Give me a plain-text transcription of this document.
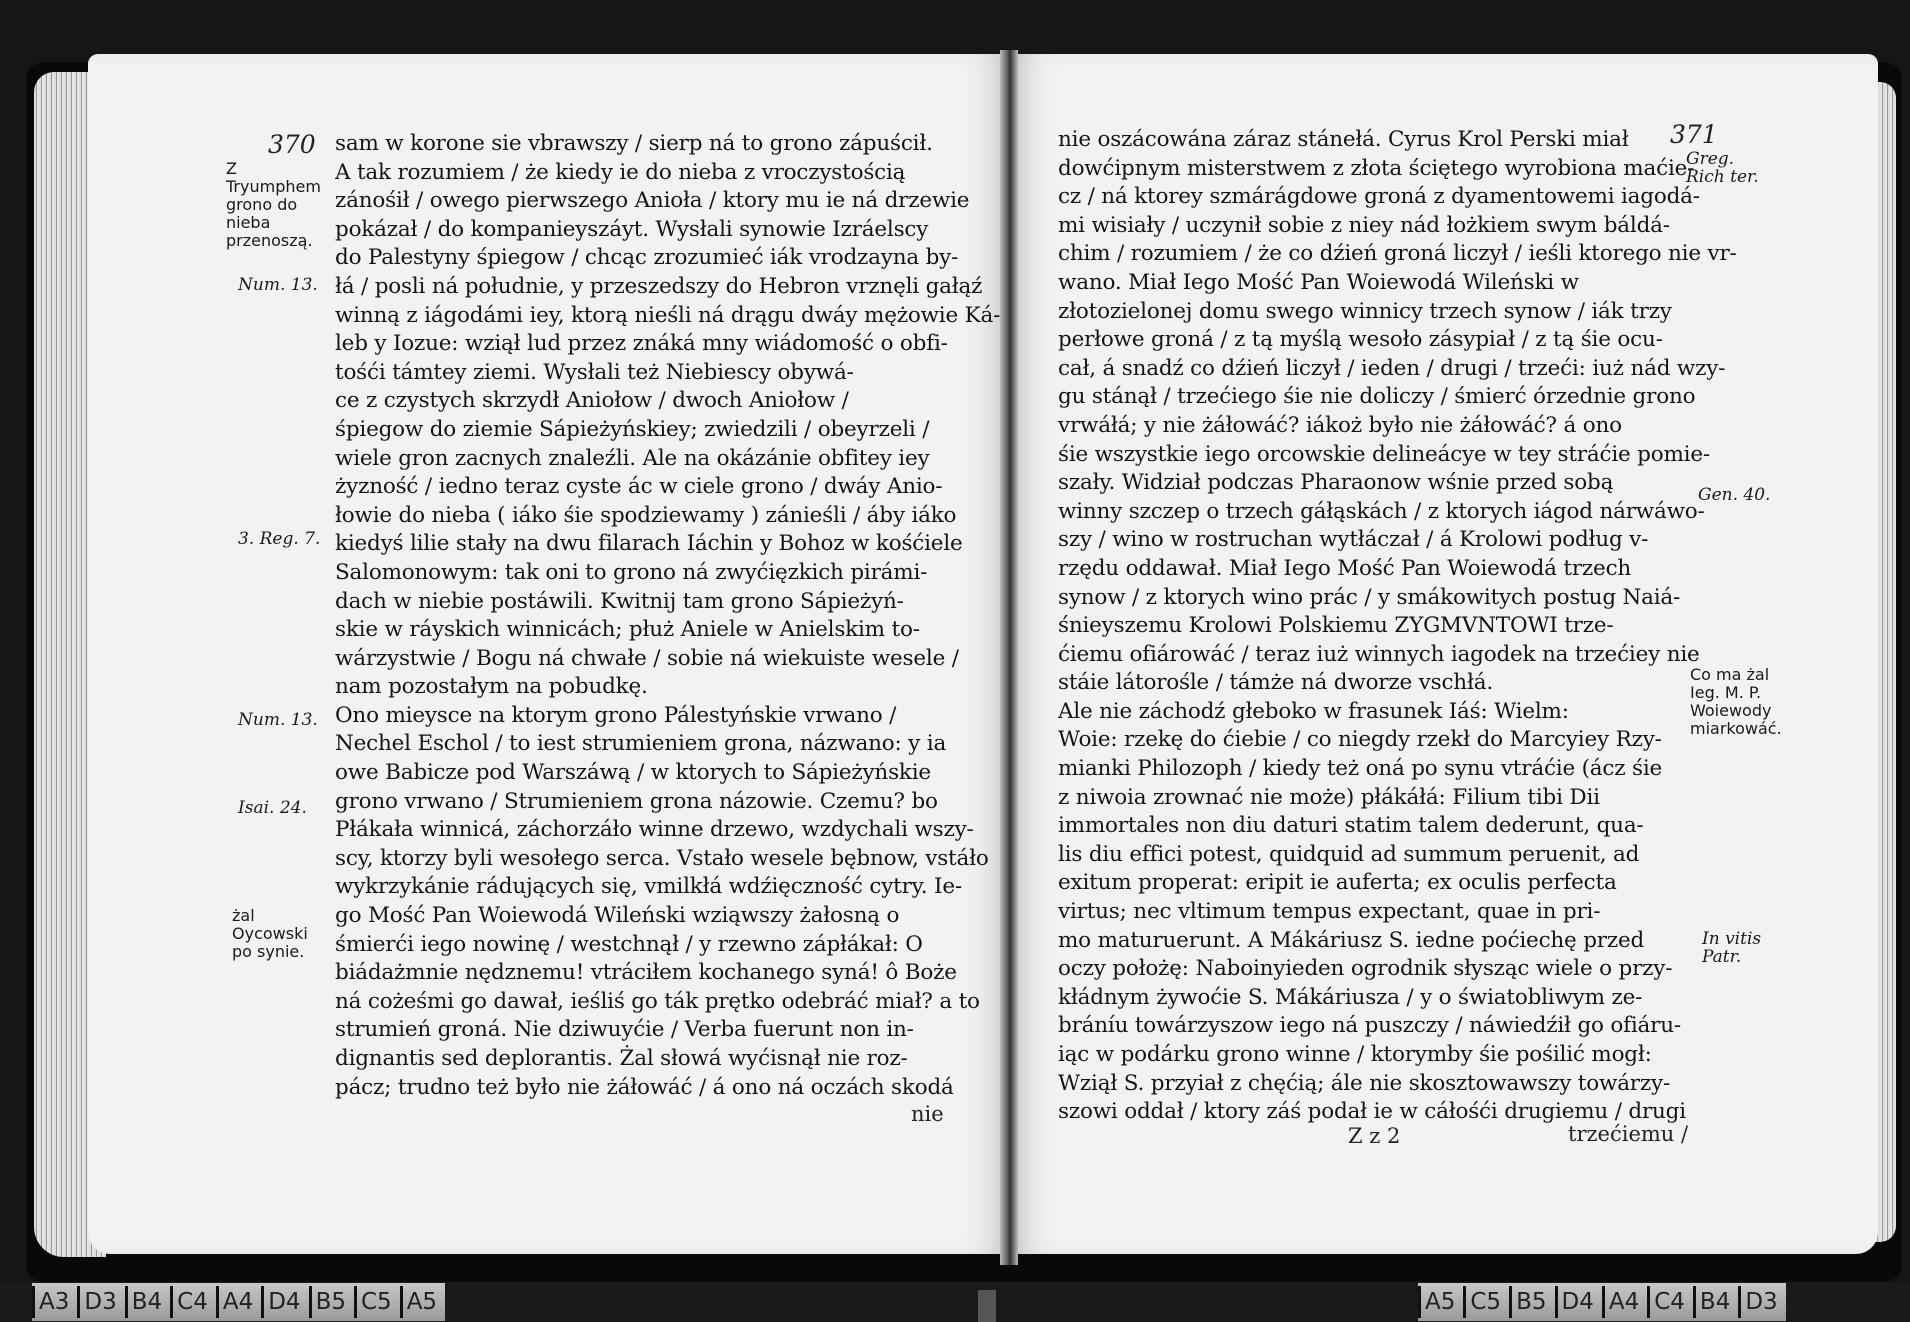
370 sam w korone sie vbrawszy / sierp ná to grono zápuścił.
A tak rozumiem / że kiedy ie do nieba z vroczystością
zánośił / owego pierwszego Anioła / ktory mu ie ná drzewie
pokázał / do kompanieyszáyt. Wysłali synowie Izráelscy
do Palestyny śpiegow / chcąc zrozumieć iák vrodzayna by-
łá / posli ná południe, y przeszedszy do Hebron vrznęli gałąź
winną z iágodámi iey, ktorą nieśli ná drągu dwáy mężowie Ká-
leb y Iozue: wziął lud przez znáká mny wiádomość o obfi-
tośći támtey ziemi. Wysłali też Niebiescy obywá-
ce z czystych skrzydł Aniołow / dwoch Aniołow /
śpiegow do ziemie Sápieżyńskiey; zwiedzili / obeyrzeli /
wiele gron zacnych znaleźli. Ale na okázánie obfitey iey
żyzność / iedno teraz cyste ác w ciele grono / dwáy Anio-
łowie do nieba ( iáko śie spodziewamy ) zánieśli / áby iáko
kiedyś lilie stały na dwu filarach Iáchin y Bohoz w kośćiele
Salomonowym: tak oni to grono ná zwyćięzkich pirámi-
dach w niebie postáwili. Kwitnij tam grono Sápieżyń-
skie w ráyskich winnicách; płuż Aniele w Anielskim to-
wárzystwie / Bogu ná chwałe / sobie ná wiekuiste wesele /
nam pozostałym na pobudkę.
Ono mieysce na ktorym grono Pálestyńskie vrwano /
Nechel Eschol / to iest strumieniem grona, názwano: y ia
owe Babicze pod Warszáwą / w ktorych to Sápieżyńskie
grono vrwano / Strumieniem grona názowie. Czemu? bo
Płákała winnicá, záchorzáło winne drzewo, wzdychali wszy-
scy, ktorzy byli wesołego serca. Vstało wesele bębnow, vstáło
wykrzykánie rádujących się, vmilkłá wdźięczność cytry. Ie-
go Mość Pan Woiewodá Wileński wziąwszy żałosną o
śmierći iego nowinę / westchnął / y rzewno zápłákał: O
biádażmnie nędznemu! vtráciłem kochanego syná! ô Boże
ná cożeśmi go dawał, ieśliś go ták prętko odebráć miał? a to
strumień groná. Nie dziwuyćie / Verba fuerunt non in-
dignantis sed deplorantis. Żal słowá wyćisnął nie roz-
pácz; trudno też było nie żáłowáć / á ono ná oczách skodá
nie
Z Tryumphem grono do nieba przenoszą.
Num. 13.
3. Reg. 7.
Num. 13.
Isai. 24.
żal Oycowski po synie.
371
nie oszácowána záraz stánełá. Cyrus Krol Perski miał
dowćipnym misterstwem z złota ściętego wyrobiona maćie-
cz / ná ktorey szmárágdowe groná z dyamentowemi iagodá-
mi wisiały / uczynił sobie z niey nád łożkiem swym báldá-
chim / rozumiem / że co dźień groná liczył / ieśli ktorego nie vr-
wano. Miał Iego Mość Pan Woiewodá Wileński w
złotozielonej domu swego winnicy trzech synow / iák trzy
perłowe groná / z tą myślą wesoło zásypiał / z tą śie ocu-
cał, á snadź co dźień liczył / ieden / drugi / trzeći: iuż nád wzy-
gu stánął / trzećiego śie nie doliczy / śmierć órzednie grono
vrwáłá; y nie żáłowáć? iákoż było nie żáłowáć? á ono
śie wszystkie iego orcowskie delineácye w tey stráćie pomie-
szały. Widział podczas Pharaonow wśnie przed sobą
winny szczep o trzech gáłąskách / z ktorych iágod nárwáwo-
szy / wino w rostruchan wytłáczał / á Krolowi podług v-
rzędu oddawał. Miał Iego Mość Pan Woiewodá trzech
synow / z ktorych wino prác / y smákowitych postug Naiá-
śnieyszemu Krolowi Polskiemu ZYGMVNTOWI trze-
ćiemu ofiárowáć / teraz iuż winnych iagodek na trzećiey nie
stáie látorośle / támże ná dworze vschłá.
Ale nie záchodź głeboko w frasunek Iáś: Wielm:
Woie: rzekę do ćiebie / co niegdy rzekł do Marcyiey Rzy-
mianki Philozoph / kiedy też oná po synu vtráćie (ácz śie
z niwoia zrownać nie może) płákáłá: Filium tibi Dii
immortales non diu daturi statim talem dederunt, qua-
lis diu effici potest, quidquid ad summum peruenit, ad
exitum properat: eripit ie auferta; ex oculis perfecta
virtus; nec vltimum tempus expectant, quae in pri-
mo maturuerunt. A Mákáriusz S. iedne poćiechę przed
oczy położę: Naboinyieden ogrodnik słysząc wiele o przy-
kłádnym żywoćie S. Mákáriusza / y o światobliwym ze-
bráníu towárzyszow iego ná puszczy / náwiedźił go ofiáru-
iąc w podárku grono winne / ktorymby śie pośilić mogł:
Wziął S. przyiał z chęćią; ále nie skosztowawszy towárzy-
szowi oddał / ktory záś podał ie w cáłośći drugiemu / drugi
Z z 2	trzećiemu /
Greg. Rich ter.
Gen. 40.
Co ma żal Ieg. M. P. Woiewody miarkowáć.
In vitis Patr.
A3 D3 B4 C4 A4 D4 B5 C5 A5	A5 C5 B5 D4 A4 C4 B4 D3
